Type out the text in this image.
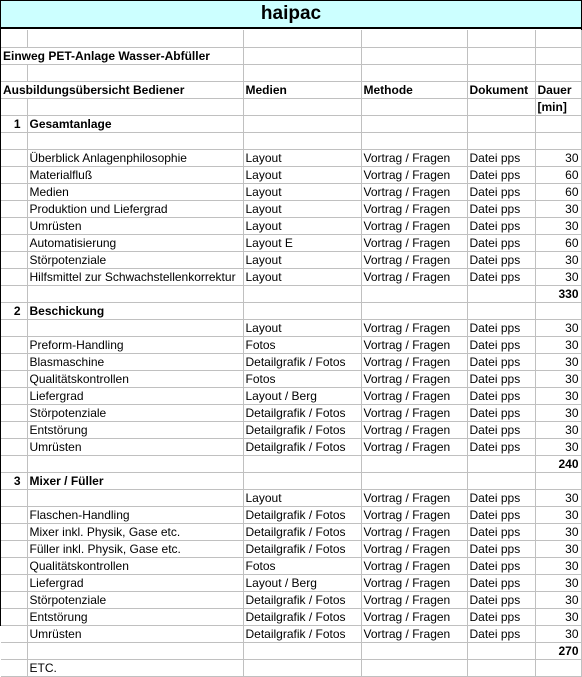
haipac

Einweg PET-Anlage Wasser-Abfüller					

Ausbildungsübersicht Bediener		Medien	Methode	Dokument	Dauer
					[min]
1	Gesamtanlage				

	Überblick Anlagenphilosophie	Layout	Vortrag / Fragen	Datei pps	30
	Materialfluß	Layout	Vortrag / Fragen	Datei pps	60
	Medien	Layout	Vortrag / Fragen	Datei pps	60
	Produktion und Liefergrad	Layout	Vortrag / Fragen	Datei pps	30
	Umrüsten	Layout	Vortrag / Fragen	Datei pps	30
	Automatisierung	Layout E	Vortrag / Fragen	Datei pps	60
	Störpotenziale	Layout	Vortrag / Fragen	Datei pps	30
	Hilfsmittel zur Schwachstellenkorrektur	Layout	Vortrag / Fragen	Datei pps	30
					330
2	Beschickung				
		Layout	Vortrag / Fragen	Datei pps	30
	Preform-Handling	Fotos	Vortrag / Fragen	Datei pps	30
	Blasmaschine	Detailgrafik / Fotos	Vortrag / Fragen	Datei pps	30
	Qualitätskontrollen	Fotos	Vortrag / Fragen	Datei pps	30
	Liefergrad	Layout / Berg	Vortrag / Fragen	Datei pps	30
	Störpotenziale	Detailgrafik / Fotos	Vortrag / Fragen	Datei pps	30
	Entstörung	Detailgrafik / Fotos	Vortrag / Fragen	Datei pps	30
	Umrüsten	Detailgrafik / Fotos	Vortrag / Fragen	Datei pps	30
					240
3	Mixer / Füller				
		Layout	Vortrag / Fragen	Datei pps	30
	Flaschen-Handling	Detailgrafik / Fotos	Vortrag / Fragen	Datei pps	30
	Mixer inkl. Physik, Gase etc.	Detailgrafik / Fotos	Vortrag / Fragen	Datei pps	30
	Füller inkl. Physik, Gase etc.	Detailgrafik / Fotos	Vortrag / Fragen	Datei pps	30
	Qualitätskontrollen	Fotos	Vortrag / Fragen	Datei pps	30
	Liefergrad	Layout / Berg	Vortrag / Fragen	Datei pps	30
	Störpotenziale	Detailgrafik / Fotos	Vortrag / Fragen	Datei pps	30
	Entstörung	Detailgrafik / Fotos	Vortrag / Fragen	Datei pps	30
	Umrüsten	Detailgrafik / Fotos	Vortrag / Fragen	Datei pps	30
					270
	ETC.				
